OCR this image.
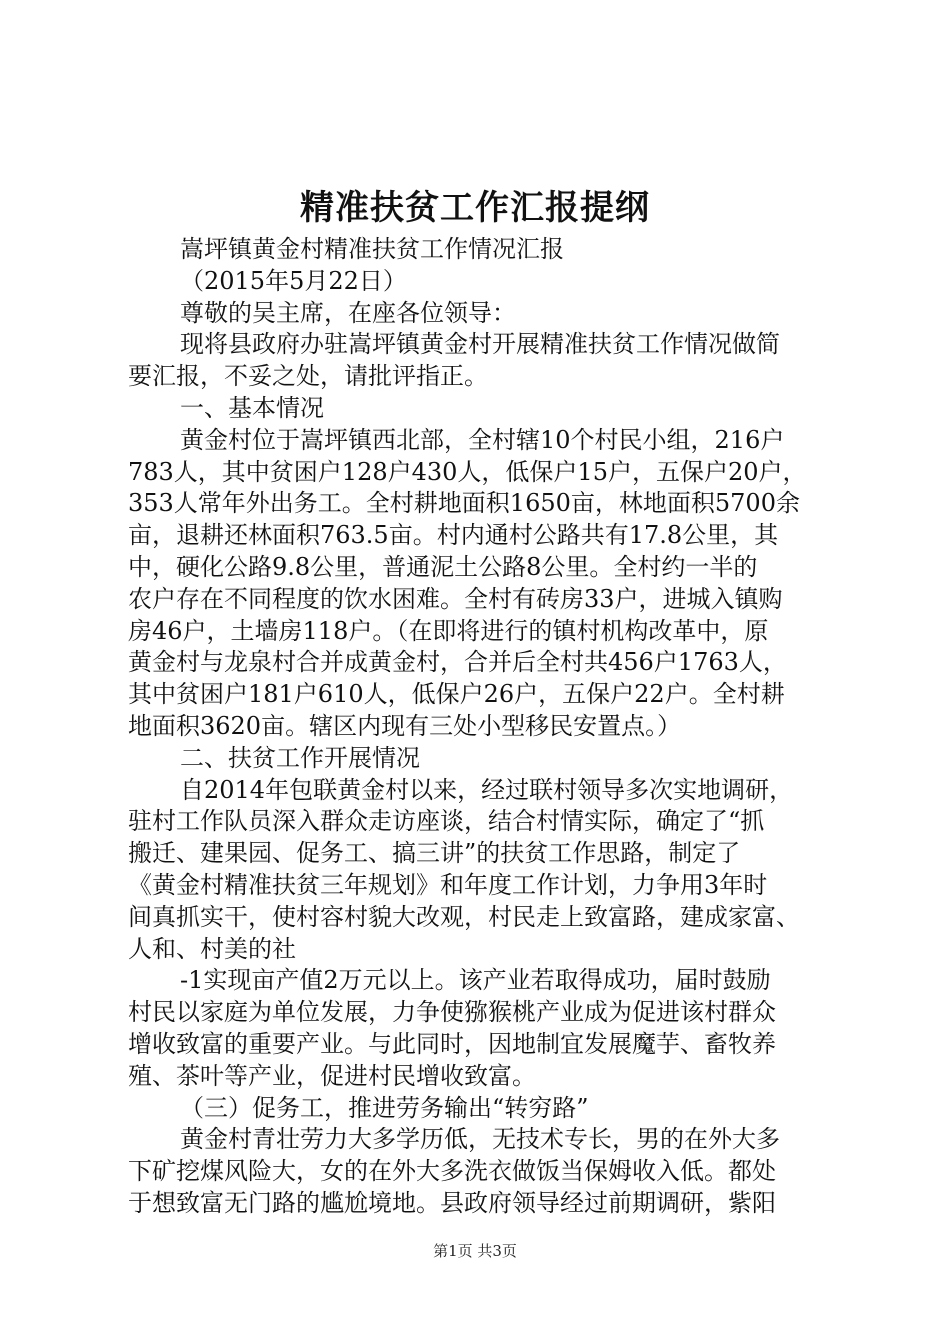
精准扶贫工作汇报提纲
嵩坪镇黄金村精准扶贫工作情况汇报
（2015年5月22日）
尊敬的吴主席，在座各位领导：
现将县政府办驻嵩坪镇黄金村开展精准扶贫工作情况做简
要汇报，不妥之处，请批评指正。
一、基本情况
黄金村位于嵩坪镇西北部，全村辖10个村民小组，216户
783人，其中贫困户128户430人，低保户15户，五保户20户，
353人常年外出务工。全村耕地面积1650亩，林地面积5700余
亩，退耕还林面积763.5亩。村内通村公路共有17.8公里，其
中，硬化公路9.8公里，普通泥土公路8公里。全村约一半的
农户存在不同程度的饮水困难。全村有砖房33户，进城入镇购
房46户，土墙房118户。（在即将进行的镇村机构改革中，原
黄金村与龙泉村合并成黄金村，合并后全村共456户1763人，
其中贫困户181户610人，低保户26户，五保户22户。全村耕
地面积3620亩。辖区内现有三处小型移民安置点。）
二、扶贫工作开展情况
自2014年包联黄金村以来，经过联村领导多次实地调研，
驻村工作队员深入群众走访座谈，结合村情实际，确定了“抓
搬迁、建果园、促务工、搞三讲”的扶贫工作思路，制定了
《黄金村精准扶贫三年规划》和年度工作计划，力争用3年时
间真抓实干，使村容村貌大改观，村民走上致富路，建成家富、
人和、村美的社
-1实现亩产值2万元以上。该产业若取得成功，届时鼓励
村民以家庭为单位发展，力争使猕猴桃产业成为促进该村群众
增收致富的重要产业。与此同时，因地制宜发展魔芋、畜牧养
殖、茶叶等产业，促进村民增收致富。
（三）促务工，推进劳务输出“转穷路”
黄金村青壮劳力大多学历低，无技术专长，男的在外大多
下矿挖煤风险大，女的在外大多洗衣做饭当保姆收入低。都处
于想致富无门路的尴尬境地。县政府领导经过前期调研，紫阳
第1页 共3页
